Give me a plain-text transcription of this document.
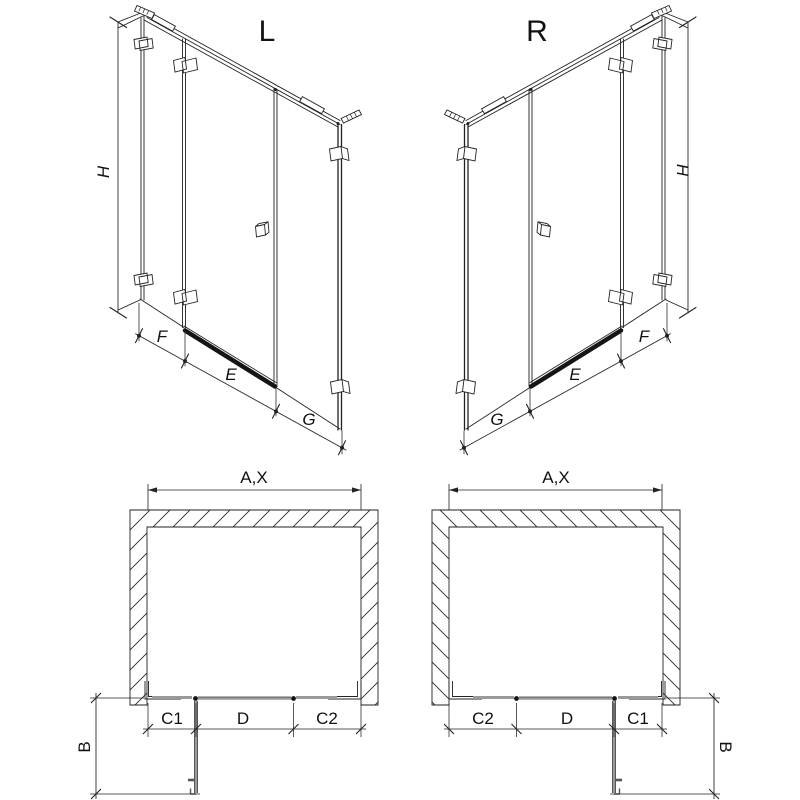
L	R
H	H
F
E
G	G
E
F
A,X	A,X
C1	D	C2	C2	D	C1
B	B
